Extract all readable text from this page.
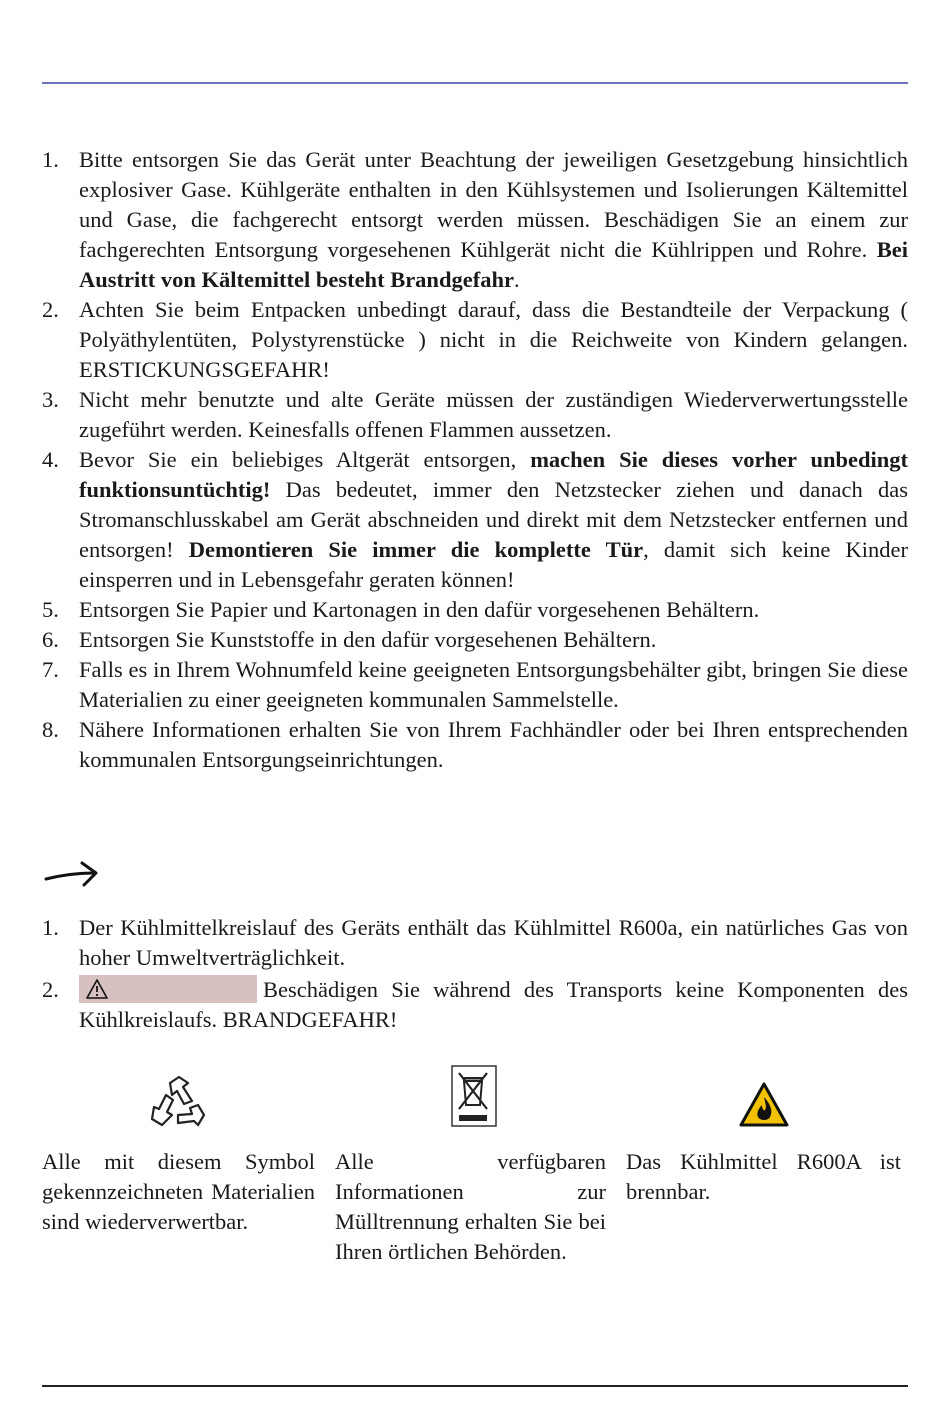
1. Bitte entsorgen Sie das Gerät unter Beachtung der jeweiligen Gesetzgebung hinsichtlich explosiver Gase. Kühlgeräte enthalten in den Kühlsystemen und Isolierungen Kältemittel und Gase, die fachgerecht entsorgt werden müssen. Beschädigen Sie an einem zur fachgerechten Entsorgung vorgesehenen Kühlgerät nicht die Kühlrippen und Rohre. Bei Austritt von Kältemittel besteht Brandgefahr.
2. Achten Sie beim Entpacken unbedingt darauf, dass die Bestandteile der Verpackung ( Polyäthylentüten, Polystyrenstücke ) nicht in die Reichweite von Kindern gelangen. ERSTICKUNGSGEFAHR!
3. Nicht mehr benutzte und alte Geräte müssen der zuständigen Wiederverwertungsstelle zugeführt werden. Keinesfalls offenen Flammen aussetzen.
4. Bevor Sie ein beliebiges Altgerät entsorgen, machen Sie dieses vorher unbedingt funktionsuntüchtig! Das bedeutet, immer den Netzstecker ziehen und danach das Stromanschlusskabel am Gerät abschneiden und direkt mit dem Netzstecker entfernen und entsorgen! Demontieren Sie immer die komplette Tür, damit sich keine Kinder einsperren und in Lebensgefahr geraten können!
5. Entsorgen Sie Papier und Kartonagen in den dafür vorgesehenen Behältern.
6. Entsorgen Sie Kunststoffe in den dafür vorgesehenen Behältern.
7. Falls es in Ihrem Wohnumfeld keine geeigneten Entsorgungsbehälter gibt, bringen Sie diese Materialien zu einer geeigneten kommunalen Sammelstelle.
8. Nähere Informationen erhalten Sie von Ihrem Fachhändler oder bei Ihren entsprechenden kommunalen Entsorgungseinrichtungen.
1. Der Kühlmittelkreislauf des Geräts enthält das Kühlmittel R600a, ein natürliches Gas von hoher Umweltverträglichkeit.
2.	Beschädigen Sie während des Transports keine Komponenten des Kühlkreislaufs. BRANDGEFAHR!
Alle mit diesem Symbol gekennzeichneten Materialien sind wiederverwertbar.
Alle verfügbaren Informationen zur Mülltrennung erhalten Sie bei Ihren örtlichen Behörden.
Das Kühlmittel R600A ist brennbar.
